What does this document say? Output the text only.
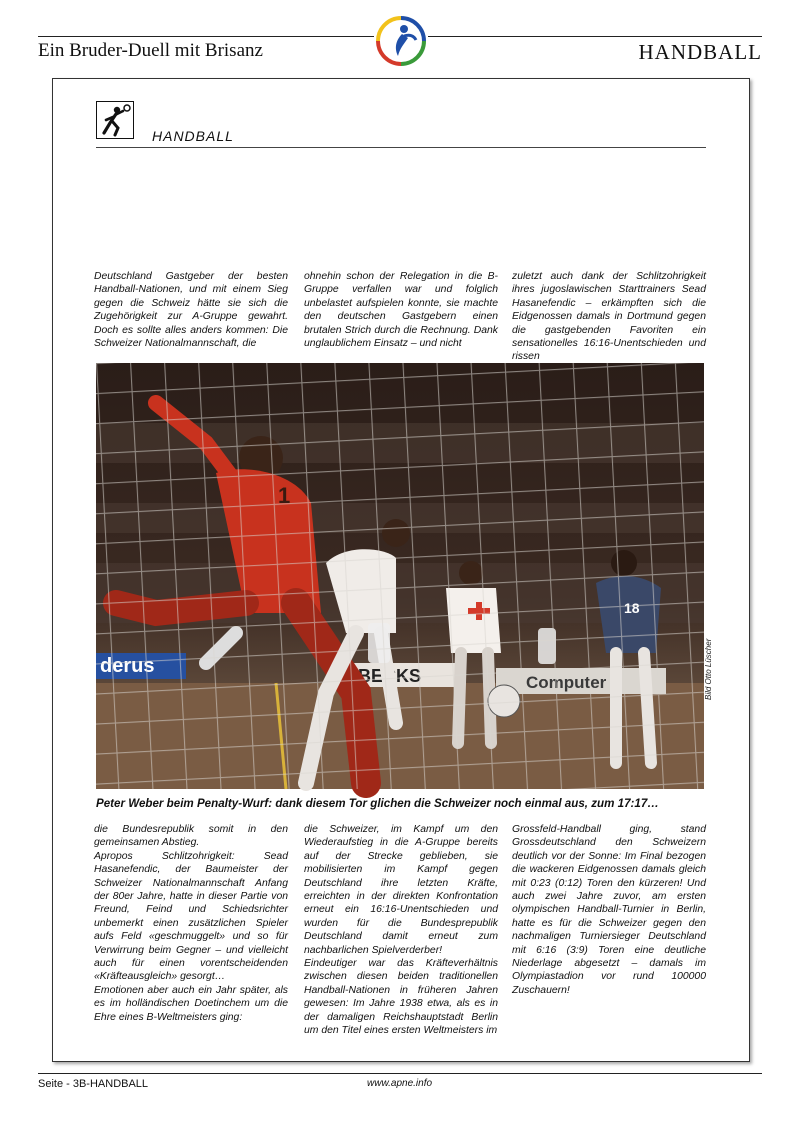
Ein Bruder-Duell mit Brisanz	HANDBALL
HANDBALL
Deutschland Gastgeber der besten Handball-Nationen, und mit einem Sieg gegen die Schweiz hätte sie sich die Zugehörigkeit zur A-Gruppe gewahrt. Doch es sollte alles anders kommen: Die Schweizer Nationalmannschaft, die
ohnehin schon der Relegation in die B-Gruppe verfallen war und folglich unbelastet aufspielen konnte, sie machte den deutschen Gastgebern einen brutalen Strich durch die Rechnung. Dank unglaublichem Einsatz – und nicht
zuletzt auch dank der Schlitzohrigkeit ihres jugoslawischen Starttrainers Sead Hasanefendic – erkämpften sich die Eidgenossen damals in Dortmund gegen die gastgebenden Favoriten ein sensationelles 16:16-Unentschieden und rissen
Bild Otto Lüscher
Peter Weber beim Penalty-Wurf: dank diesem Tor glichen die Schweizer noch einmal aus, zum 17:17…
die Bundesrepublik somit in den gemeinsamen Abstieg.
Apropos Schlitzohrigkeit: Sead Hasanefendic, der Baumeister der Schweizer Nationalmannschaft Anfang der 80er Jahre, hatte in dieser Partie von Freund, Feind und Schiedsrichter unbemerkt einen zusätzlichen Spieler aufs Feld «geschmuggelt» und so für Verwirrung beim Gegner – und vielleicht auch für einen vorentscheidenden «Kräfteausgleich» gesorgt…
Emotionen aber auch ein Jahr später, als es im holländischen Doetinchem um die Ehre eines B-Weltmeisters ging:
die Schweizer, im Kampf um den Wiederaufstieg in die A-Gruppe bereits auf der Strecke geblieben, sie mobilisierten im Kampf gegen Deutschland ihre letzten Kräfte, erreichten in der direkten Konfrontation erneut ein 16:16-Unentschieden und wurden für die Bundesprepublik Deutschland damit erneut zum nachbarlichen Spielverderber!
Eindeutiger war das Kräfteverhältnis zwischen diesen beiden traditionellen Handball-Nationen in früheren Jahren gewesen: Im Jahre 1938 etwa, als es in der damaligen Reichshauptstadt Berlin um den Titel eines ersten Weltmeisters im
Grossfeld-Handball ging, stand Grossdeutschland den Schweizern deutlich vor der Sonne: Im Final bezogen die wackeren Eidgenossen damals gleich mit 0:23 (0:12) Toren den kürzeren! Und auch zwei Jahre zuvor, am ersten olympischen Handball-Turnier in Berlin, hatte es für die Schweizer gegen den nachmaligen Turniersieger Deutschland mit 6:16 (3:9) Toren eine deutliche Niederlage abgesetzt – damals im Olympiastadion vor rund 100000 Zuschauern!
Seite - 3B-HANDBALL	www.apne.info
